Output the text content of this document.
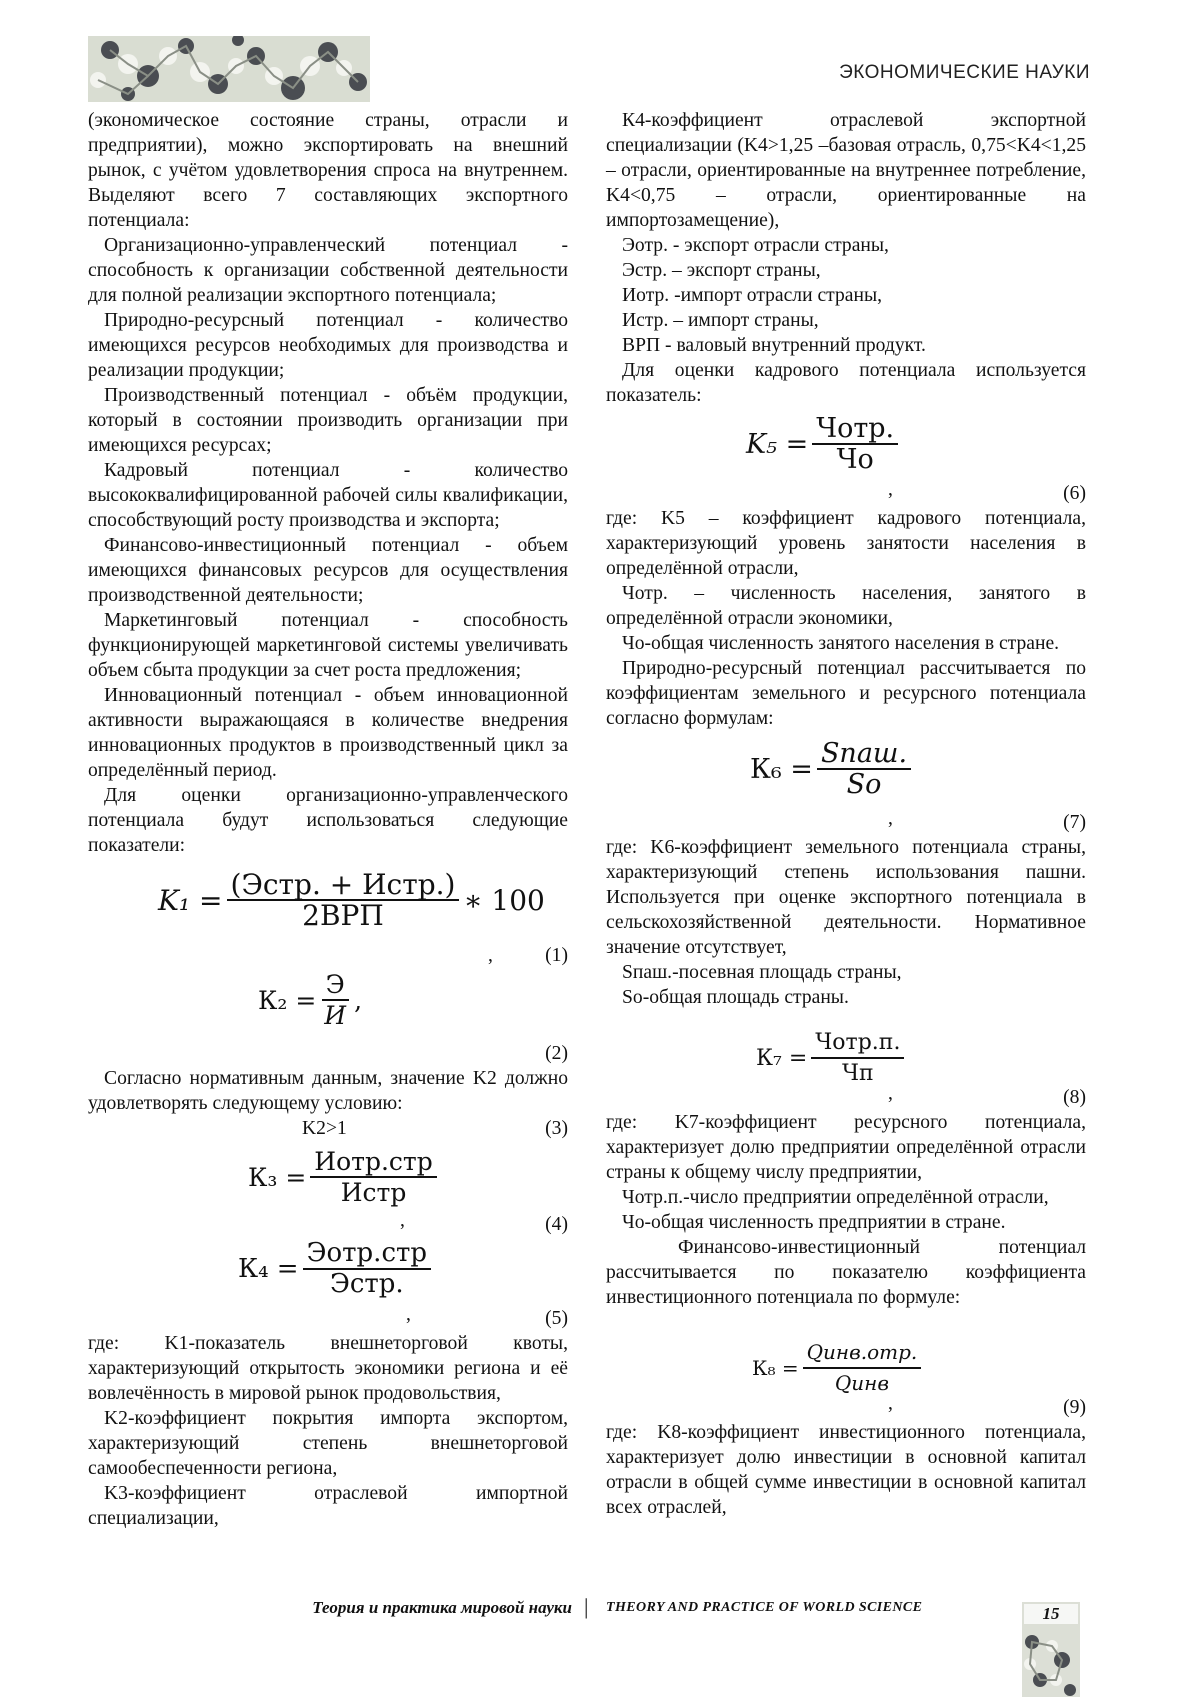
ЭКОНОМИЧЕСКИЕ НАУКИ

(экономическое состояние страны, отрасли и предприятии), можно экспортировать на внешний рынок, с учётом удовлетворения спроса на внутреннем. Выделяют всего 7 составляющих экспортного потенциала:

Организационно-управленческий потенциал - способность к организации собственной деятельности для полной реализации экспортного потенциала;

Природно-ресурсный потенциал - количество имеющихся ресурсов необходимых для производства и реализации продукции;

Производственный потенциал - объём продукции, который в состоянии производить организации при имеющихся ресурсах;

Кадровый потенциал - количество высококвалифицированной рабочей силы квалификации, способствующий росту производства и экспорта;

Финансово-инвестиционный потенциал - объем имеющихся финансовых ресурсов для осуществления производственной деятельности;

Маркетинговый потенциал - способность функционирующей маркетинговой системы увеличивать объем сбыта продукции за счет роста предложения;

Инновационный потенциал - объем инновационной активности выражающаяся в количестве внедрения инновационных продуктов в производственный цикл за определённый период.

Для оценки организационно-управленческого потенциала будут использоваться следующие показатели:

$K_1 = \frac{\text{(Эстр. + Истр.)}}{\text{2ВРП}}$ ∗ 100
,	(1)
$К_2 = \frac{Э}{И}$ ,
(2)

Согласно нормативным данным, значение K2 должно удовлетворять следующему условию:

K2>1	(3)
$К_3 = \frac{\text{Иотр.стр}}{\text{Истр}}$
,	(4)
$К_4 = \frac{\text{Эотр.стр}}{\text{Эстр.}}$
,	(5)

где: K1-показатель внешнеторговой квоты, характеризующий открытость экономики региона и её вовлечённость в мировой рынок продовольствия,

K2-коэффициент покрытия импорта экспортом, характеризующий степень внешнеторговой самообеспеченности региона,

K3-коэффициент отраслевой импортной специализации,

К4-коэффициент отраслевой экспортной специализации (K4>1,25 –базовая отрасль, 0,75<K4<1,25 – отрасли, ориентированные на внутреннее потребление, K4<0,75 – отрасли, ориентированные на импортозамещение),

Эотр. - экспорт отрасли страны,

Эстр. – экспорт страны,

Иотр. -импорт отрасли страны,

Истр. – импорт страны,

ВРП - валовый внутренний продукт.

Для оценки кадрового потенциала используется показатель:

$K_5 = \frac{\text{Чотр.}}{Чо}$
,	(6)

где: K5 – коэффициент кадрового потенциала, характеризующий уровень занятости населения в определённой отрасли,

Чотр. – численность населения, занятого в определённой отрасли экономики,

Чо-общая численность занятого населения в стране.

Природно-ресурсный потенциал рассчитывается по коэффициентам земельного и ресурсного потенциала согласно формулам:

$К_6 = \frac{\text{Sпаш.}}{Sо}$
,	(7)

где: K6-коэффициент земельного потенциала страны, характеризующий степень использования пашни. Используется при оценке экспортного потенциала в сельскохозяйственной деятельности. Нормативное значение отсутствует,

Sпаш.-посевная площадь страны,

So-общая площадь страны.

$К_7 = \frac{\text{Чотр.п.}}{Чп}$
,	(8)

где: K7-коэффициент ресурсного потенциала, характеризует долю предприятии определённой отрасли страны к общему числу предприятии,

Чотр.п.-число предприятии определённой отрасли,

Чо-общая численность предприятии в стране.

Финансово-инвестиционный потенциал рассчитывается по показателю коэффициента инвестиционного потенциала по формуле:

$К_8 = \frac{\text{Qинв.отр.}}{\text{Qинв}}$
,	(9)

где: K8-коэффициент инвестиционного потенциала, характеризует долю инвестиции в основной капитал отрасли в общей сумме инвестиции в основной капитал всех отраслей,

Теория и практика мировой науки | THEORY AND PRACTICE OF WORLD SCIENCE	15
